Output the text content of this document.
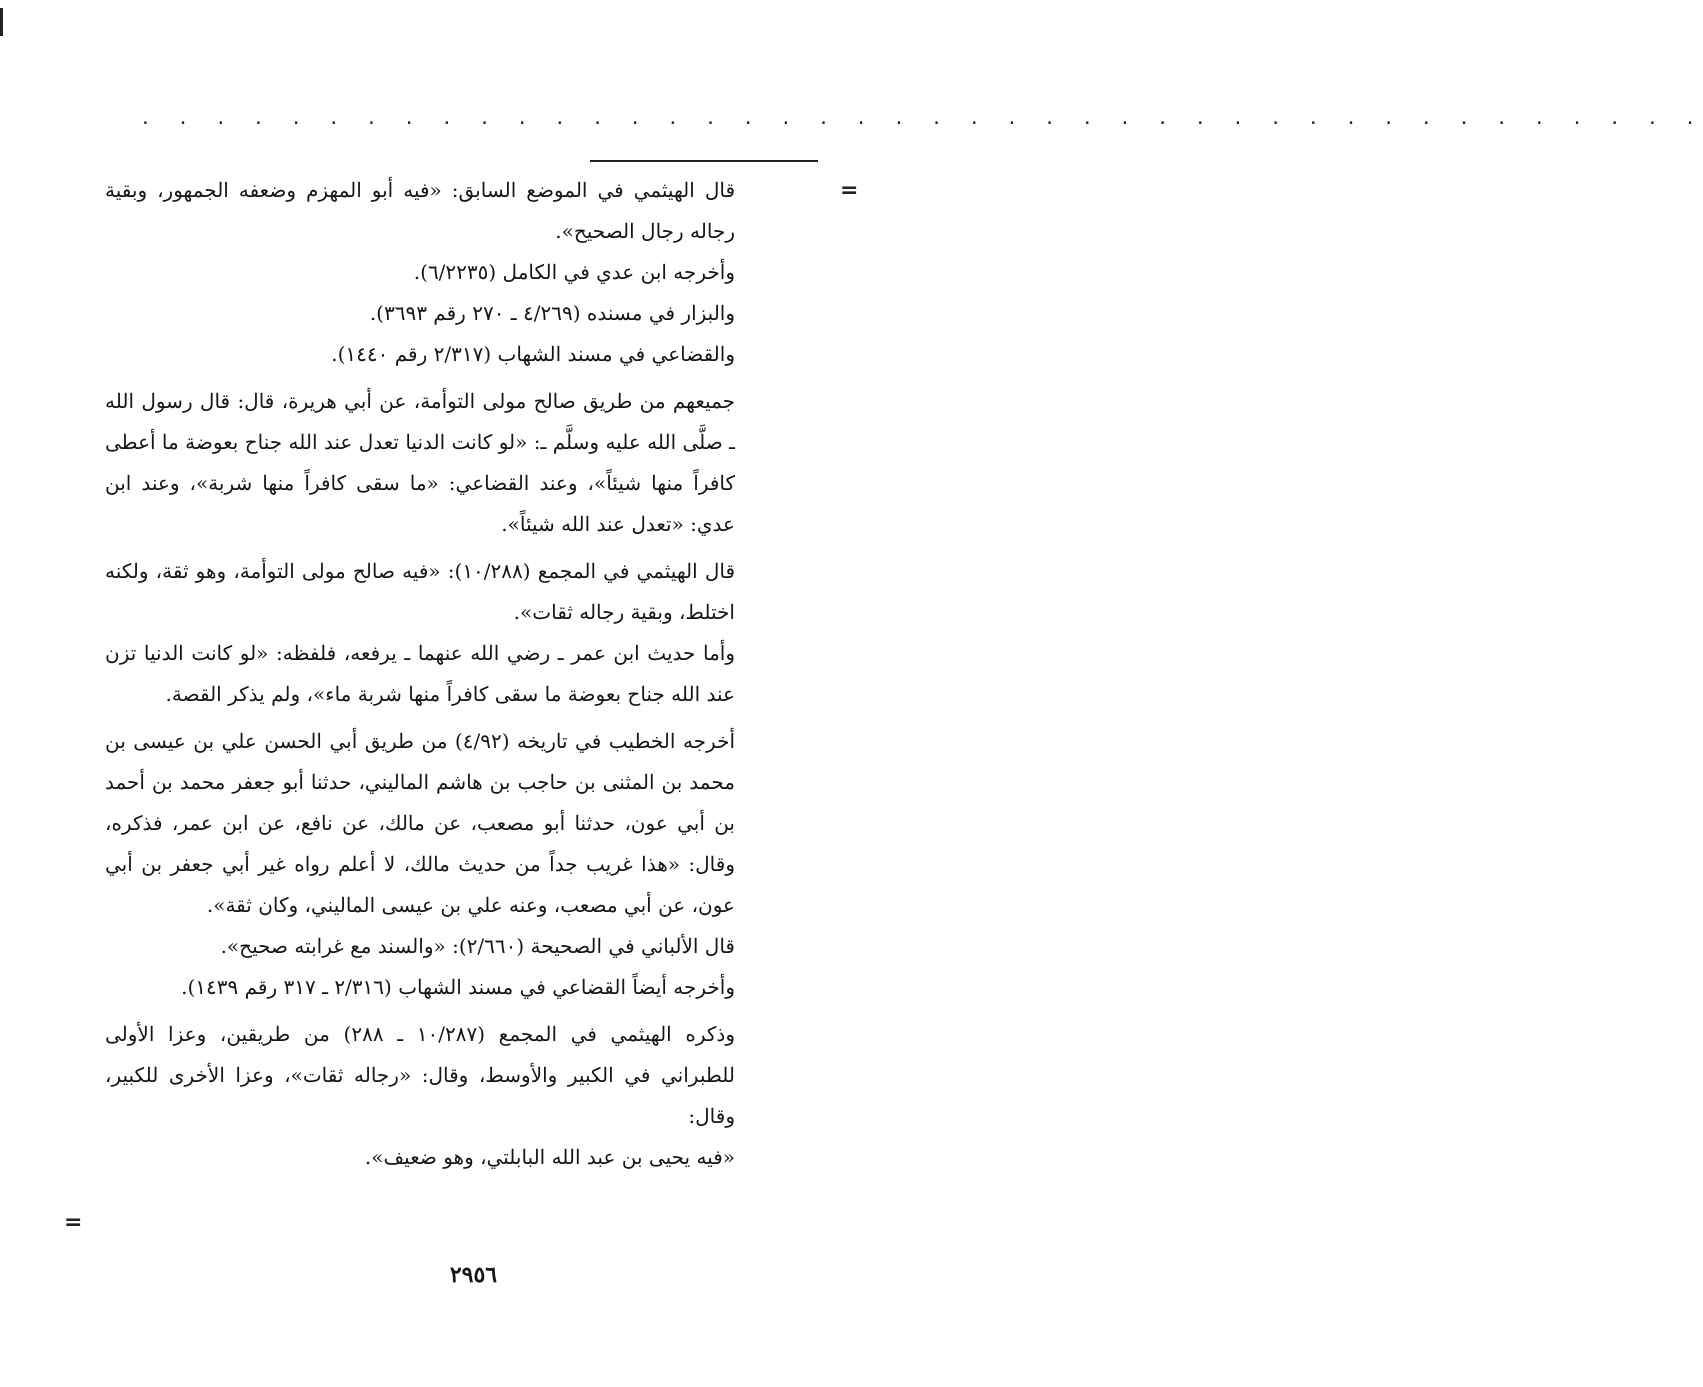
. . . . . . . . . . . . . . . . . . . . . . . . . . . . . . . . . . . . . . . . . .
=

قال الهيثمي في الموضع السابق: «فيه أبو المهزم وضعفه الجمهور، وبقية رجاله رجال الصحيح».

وأخرجه ابن عدي في الكامل (٦/٢٢٣٥).

والبزار في مسنده (٤/٢٦٩ ـ ٢٧٠ رقم ٣٦٩٣).

والقضاعي في مسند الشهاب (٢/٣١٧ رقم ١٤٤٠).

جميعهم من طريق صالح مولى التوأمة، عن أبي هريرة، قال: قال رسول الله ـ صلَّى الله عليه وسلَّم ـ: «لو كانت الدنيا تعدل عند الله جناح بعوضة ما أعطى كافراً منها شيئاً»، وعند القضاعي: «ما سقى كافراً منها شربة»، وعند ابن عدي: «تعدل عند الله شيئاً».

قال الهيثمي في المجمع (١٠/٢٨٨): «فيه صالح مولى التوأمة، وهو ثقة، ولكنه اختلط، وبقية رجاله ثقات».

وأما حديث ابن عمر ـ رضي الله عنهما ـ يرفعه، فلفظه: «لو كانت الدنيا تزن عند الله جناح بعوضة ما سقى كافراً منها شربة ماء»، ولم يذكر القصة.

أخرجه الخطيب في تاريخه (٤/٩٢) من طريق أبي الحسن علي بن عيسى بن محمد بن المثنى بن حاجب بن هاشم الماليني، حدثنا أبو جعفر محمد بن أحمد بن أبي عون، حدثنا أبو مصعب، عن مالك، عن نافع، عن ابن عمر، فذكره، وقال: «هذا غريب جداً من حديث مالك، لا أعلم رواه غير أبي جعفر بن أبي عون، عن أبي مصعب، وعنه علي بن عيسى الماليني، وكان ثقة».

قال الألباني في الصحيحة (٢/٦٦٠): «والسند مع غرابته صحيح».

وأخرجه أيضاً القضاعي في مسند الشهاب (٢/٣١٦ ـ ٣١٧ رقم ١٤٣٩).

وذكره الهيثمي في المجمع (١٠/٢٨٧ ـ ٢٨٨) من طريقين، وعزا الأولى للطبراني في الكبير والأوسط، وقال: «رجاله ثقات»، وعزا الأخرى للكبير، وقال:

«فيه يحيى بن عبد الله البابلتي، وهو ضعيف».

=
٢٩٥٦
